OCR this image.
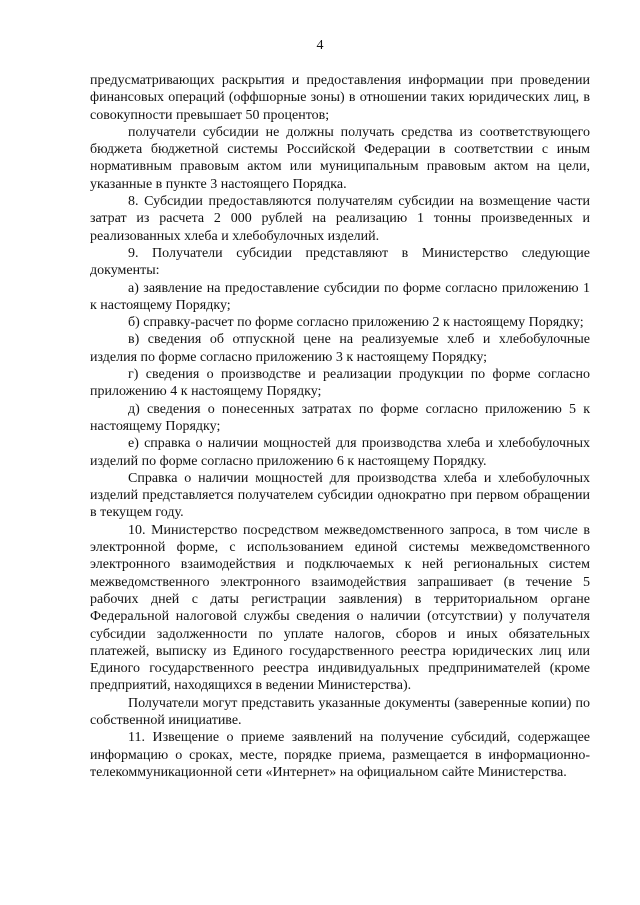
4

предусматривающих раскрытия и предоставления информации при проведении финансовых операций (оффшорные зоны) в отношении таких юридических лиц, в совокупности превышает 50 процентов;

получатели субсидии не должны получать средства из соответствующего бюджета бюджетной системы Российской Федерации в соответствии с иным нормативным правовым актом или муниципальным правовым актом на цели, указанные в пункте 3 настоящего Порядка.

8. Субсидии предоставляются получателям субсидии на возмещение части затрат из расчета 2 000 рублей на реализацию 1 тонны произведенных и реализованных хлеба и хлебобулочных изделий.

9. Получатели субсидии представляют в Министерство следующие документы:

а) заявление на предоставление субсидии по форме согласно приложению 1 к настоящему Порядку;

б) справку-расчет по форме согласно приложению 2 к настоящему Порядку;

в) сведения об отпускной цене на реализуемые хлеб и хлебобулочные изделия по форме согласно приложению 3 к настоящему Порядку;

г) сведения о производстве и реализации продукции по форме согласно приложению 4 к настоящему Порядку;

д) сведения о понесенных затратах по форме согласно приложению 5 к настоящему Порядку;

е) справка о наличии мощностей для производства хлеба и хлебобулочных изделий по форме согласно приложению 6 к настоящему Порядку.

Справка о наличии мощностей для производства хлеба и хлебобулочных изделий представляется получателем субсидии однократно при первом обращении в текущем году.

10. Министерство посредством межведомственного запроса, в том числе в электронной форме, с использованием единой системы межведомственного электронного взаимодействия и подключаемых к ней региональных систем межведомственного электронного взаимодействия запрашивает (в течение 5 рабочих дней с даты регистрации заявления) в территориальном органе Федеральной налоговой службы сведения о наличии (отсутствии) у получателя субсидии задолженности по уплате налогов, сборов и иных обязательных платежей, выписку из Единого государственного реестра юридических лиц или Единого государственного реестра индивидуальных предпринимателей (кроме предприятий, находящихся в ведении Министерства).

Получатели могут представить указанные документы (заверенные копии) по собственной инициативе.

11. Извещение о приеме заявлений на получение субсидий, содержащее информацию о сроках, месте, порядке приема, размещается в информационно-телекоммуникационной сети «Интернет» на официальном сайте Министерства.
